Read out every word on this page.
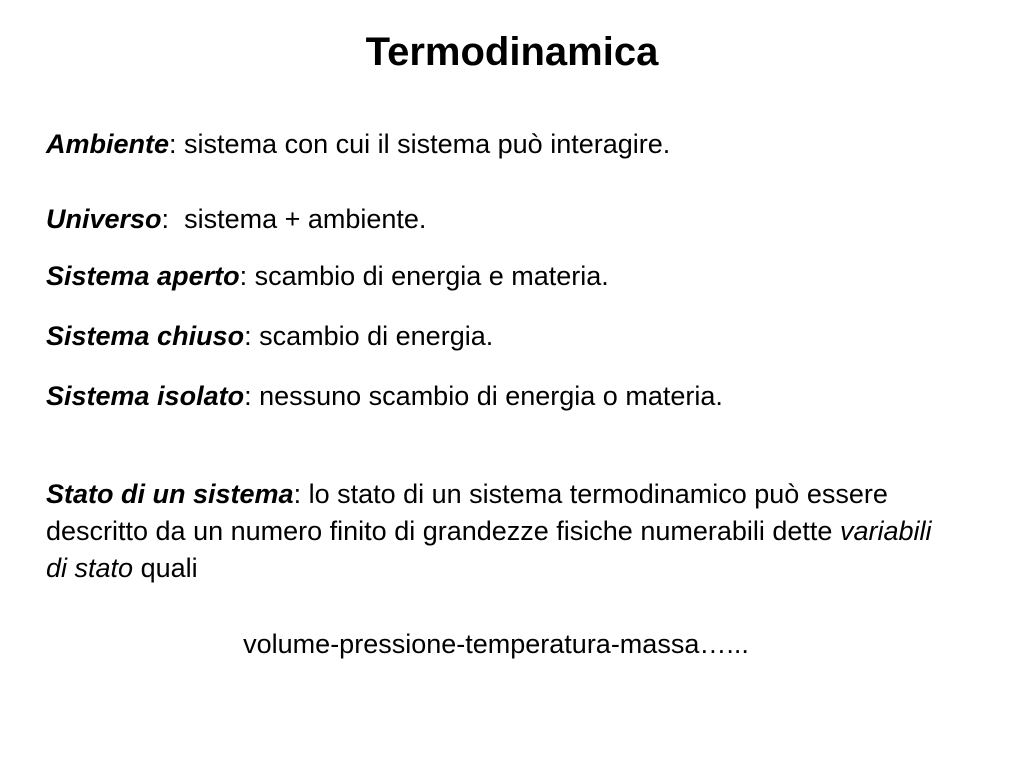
Termodinamica

Ambiente: sistema con cui il sistema può interagire.

Universo:  sistema + ambiente.

Sistema aperto: scambio di energia e materia.

Sistema chiuso: scambio di energia.

Sistema isolato: nessuno scambio di energia o materia.

Stato di un sistema: lo stato di un sistema termodinamico può essere descritto da un numero finito di grandezze fisiche numerabili dette variabili di stato quali

volume-pressione-temperatura-massa…...
